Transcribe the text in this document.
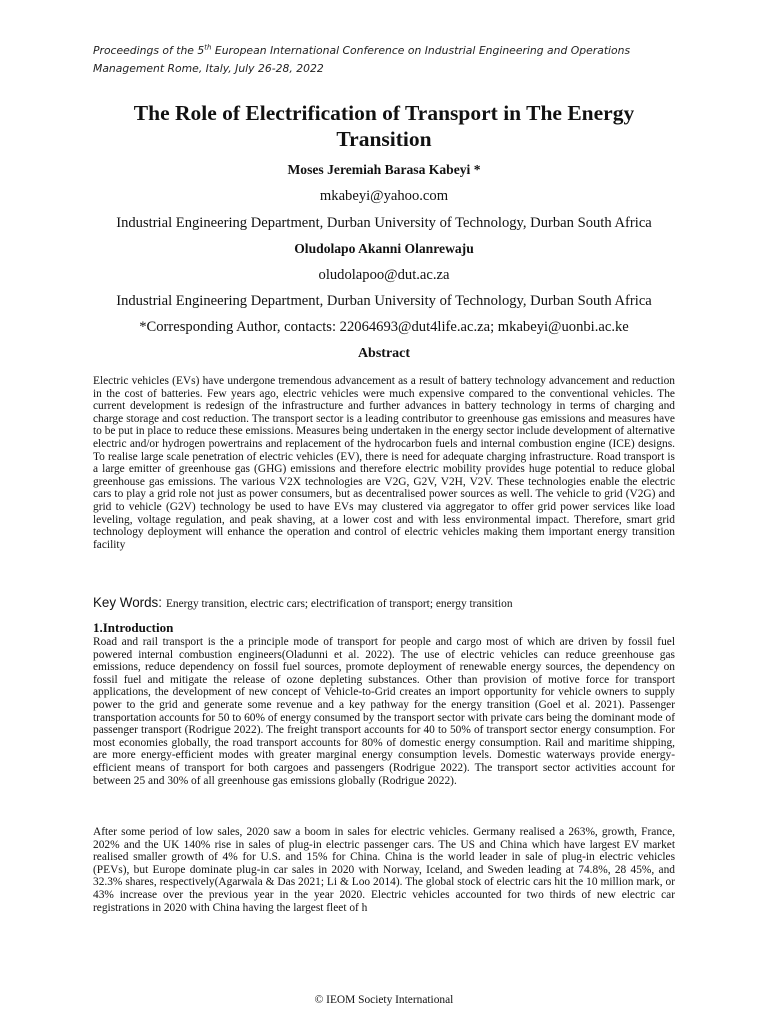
Proceedings of the 5th European International Conference on Industrial Engineering and Operations
Management Rome, Italy, July 26-28, 2022
The Role of Electrification of Transport in The Energy Transition
Moses Jeremiah Barasa Kabeyi *
mkabeyi@yahoo.com
Industrial Engineering Department, Durban University of Technology, Durban South Africa
Oludolapo Akanni Olanrewaju
oludolapoo@dut.ac.za
Industrial Engineering Department, Durban University of Technology, Durban South Africa
*Corresponding Author, contacts: 22064693@dut4life.ac.za; mkabeyi@uonbi.ac.ke
Abstract
Electric vehicles (EVs) have undergone tremendous advancement as a result of battery technology advancement and reduction in the cost of batteries. Few years ago, electric vehicles were much expensive compared to the conventional vehicles. The current development is redesign of the infrastructure and further advances in battery technology in terms of charging and charge storage and cost reduction. The transport sector is a leading contributor to greenhouse gas emissions and measures have to be put in place to reduce these emissions. Measures being undertaken in the energy sector include development of alternative electric and/or hydrogen powertrains and replacement of the hydrocarbon fuels and internal combustion engine (ICE) designs. To realise large scale penetration of electric vehicles (EV), there is need for adequate charging infrastructure. Road transport is a large emitter of greenhouse gas (GHG) emissions and therefore electric mobility provides huge potential to reduce global greenhouse gas emissions. The various V2X technologies are V2G, G2V, V2H, V2V. These technologies enable the electric cars to play a grid role not just as power consumers, but as decentralised power sources as well. The vehicle to grid (V2G) and grid to vehicle (G2V) technology be used to have EVs may clustered via aggregator to offer grid power services like load leveling, voltage regulation, and peak shaving, at a lower cost and with less environmental impact. Therefore, smart grid technology deployment will enhance the operation and control of electric vehicles making them important energy transition facility
Key Words: Energy transition, electric cars; electrification of transport; energy transition
1.Introduction
Road and rail transport is the a principle mode of transport for people and cargo most of which are driven by fossil fuel powered internal combustion engineers(Oladunni et al. 2022). The use of electric vehicles can reduce greenhouse gas emissions, reduce dependency on fossil fuel sources, promote deployment of renewable energy sources, the dependency on fossil fuel and mitigate the release of ozone depleting substances. Other than provision of motive force for transport applications, the development of new concept of Vehicle-to-Grid creates an import opportunity for vehicle owners to supply power to the grid and generate some revenue and a key pathway for the energy transition (Goel et al. 2021). Passenger transportation accounts for 50 to 60% of energy consumed by the transport sector with private cars being the dominant mode of passenger transport (Rodrigue 2022). The freight transport accounts for 40 to 50% of transport sector energy consumption. For most economies globally, the road transport accounts for 80% of domestic energy consumption. Rail and maritime shipping, are more energy-efficient modes with greater marginal energy consumption levels. Domestic waterways provide energy-efficient means of transport for both cargoes and passengers (Rodrigue 2022). The transport sector activities account for between 25 and 30% of all greenhouse gas emissions globally (Rodrigue 2022).
After some period of low sales, 2020 saw a boom in sales for electric vehicles. Germany realised a 263%, growth, France, 202% and the UK 140% rise in sales of plug-in electric passenger cars. The US and China which have largest EV market realised smaller growth of 4% for U.S. and 15% for China. China is the world leader in sale of plug-in electric vehicles (PEVs), but Europe dominate plug-in car sales in 2020 with Norway, Iceland, and Sweden leading at 74.8%, 28 45%, and 32.3% shares, respectively(Agarwala & Das 2021; Li & Loo 2014). The global stock of electric cars hit the 10 million mark, or 43% increase over the previous year in the year 2020. Electric vehicles accounted for two thirds of new electric car registrations in 2020 with China having the largest fleet of h
© IEOM Society International
